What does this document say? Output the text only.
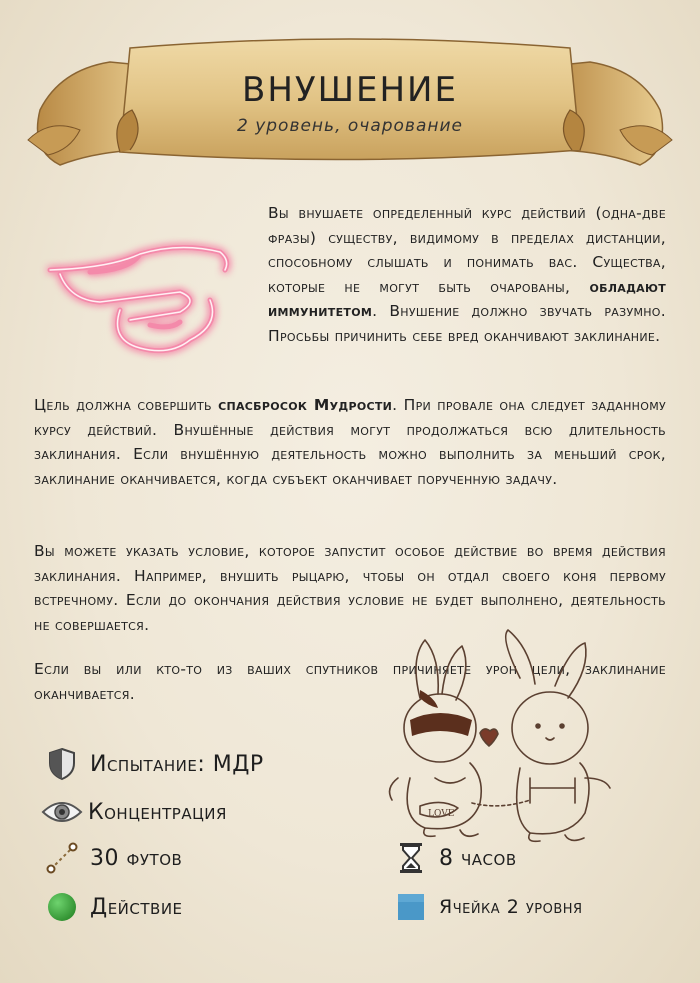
ВНУШЕНИЕ
2 уровень, очарование

Вы внушаете определенный курс действий (одна-две фразы) существу, видимому в пределах дистанции, способному слышать и понимать вас. Существа, которые не могут быть очарованы, обладают иммунитетом. Внушение должно звучать разумно. Просьбы причинить себе вред оканчивают заклинание.

Цель должна совершить спасбросок Мудрости. При провале она следует заданному курсу действий. Внушённые действия могут продолжаться всю длительность заклинания. Если внушённую деятельность можно выполнить за меньший срок, заклинание оканчивается, когда субъект оканчивает порученную задачу.

Вы можете указать условие, которое запустит особое действие во время действия заклинания. Например, внушить рыцарю, чтобы он отдал своего коня первому встречному. Если до окончания действия условие не будет выполнено, деятельность не совершается.

Если вы или кто-то из ваших спутников причиняете урон цели, заклинание оканчивается.

LOVE
Испытание: МДР
Концентрация
30 футов
Действие
8 часов
Ячейка 2 уровня
